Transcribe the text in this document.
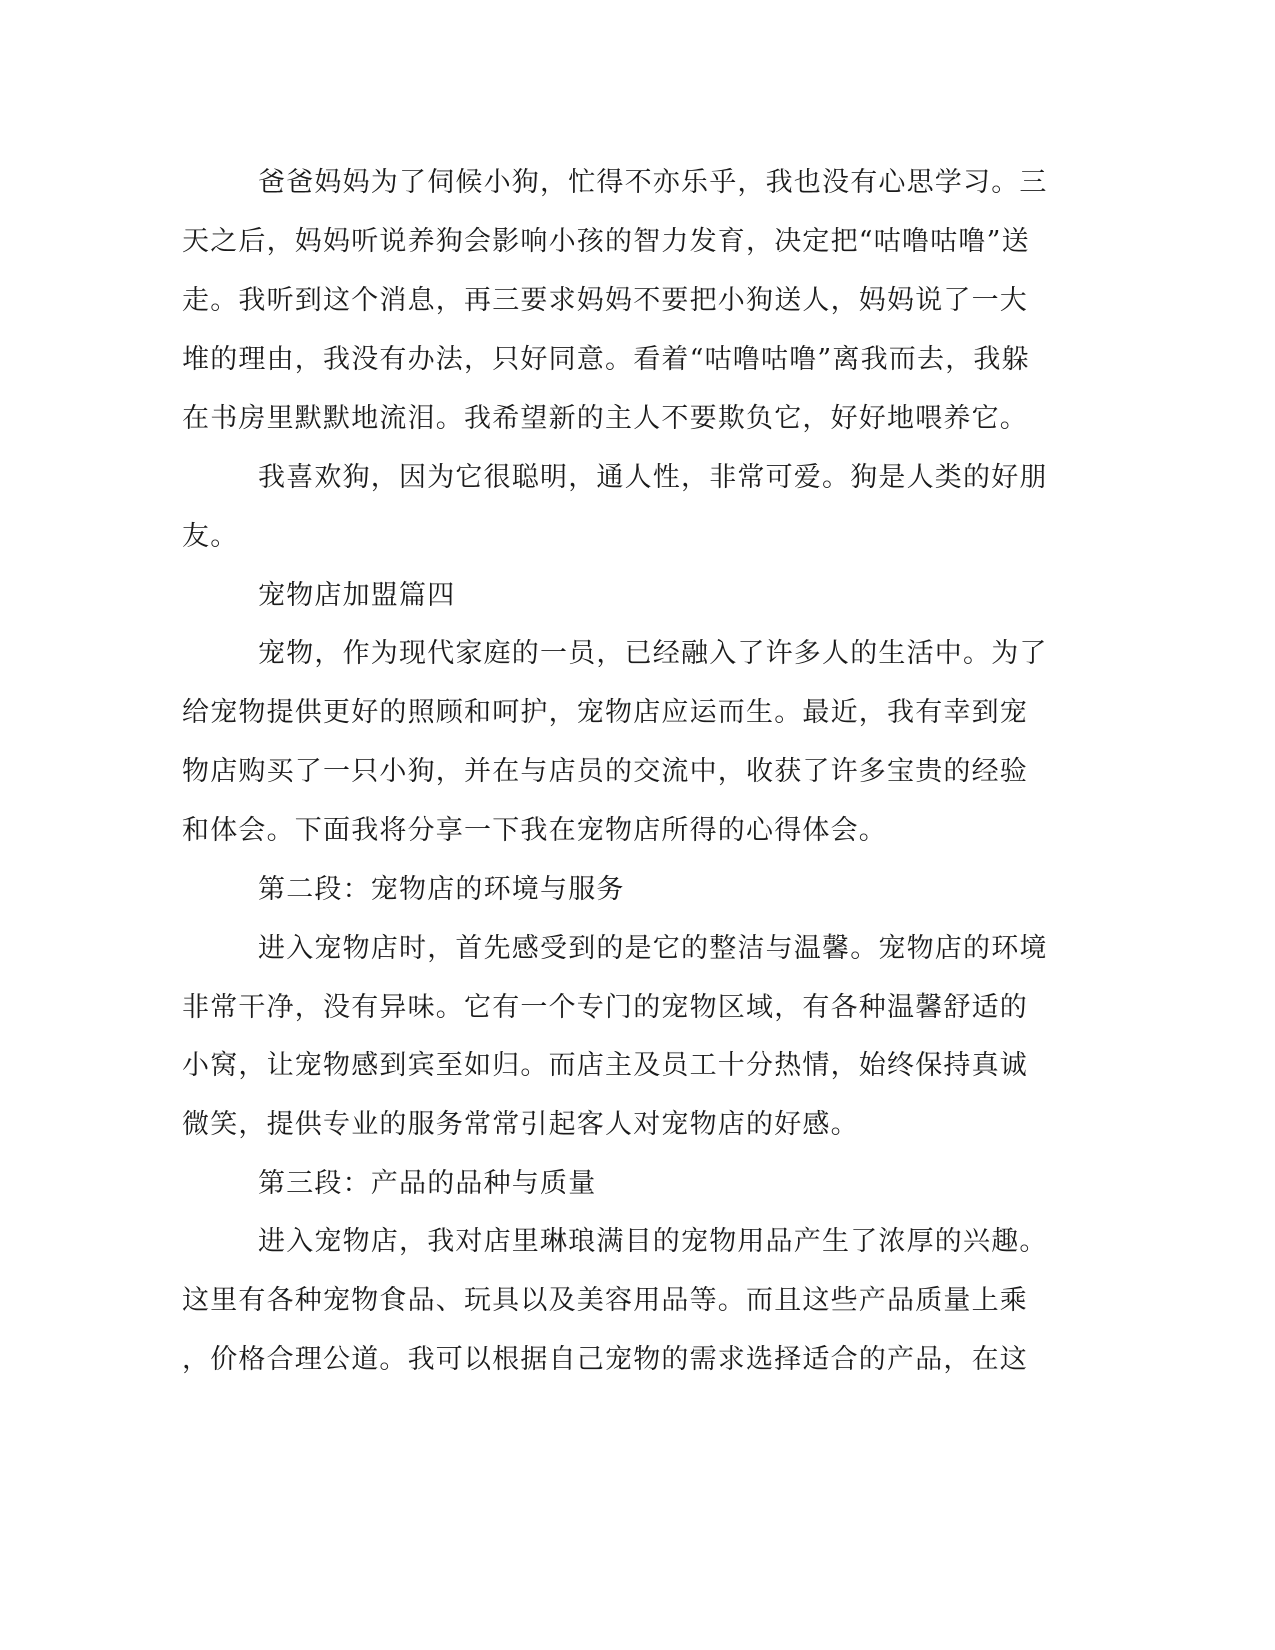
爸爸妈妈为了伺候小狗，忙得不亦乐乎，我也没有心思学习。三
天之后，妈妈听说养狗会影响小孩的智力发育，决定把“咕噜咕噜”送
走。我听到这个消息，再三要求妈妈不要把小狗送人，妈妈说了一大
堆的理由，我没有办法，只好同意。看着“咕噜咕噜”离我而去，我躲
在书房里默默地流泪。我希望新的主人不要欺负它，好好地喂养它。
我喜欢狗，因为它很聪明，通人性，非常可爱。狗是人类的好朋
友。
宠物店加盟篇四
宠物，作为现代家庭的一员，已经融入了许多人的生活中。为了
给宠物提供更好的照顾和呵护，宠物店应运而生。最近，我有幸到宠
物店购买了一只小狗，并在与店员的交流中，收获了许多宝贵的经验
和体会。下面我将分享一下我在宠物店所得的心得体会。
第二段：宠物店的环境与服务
进入宠物店时，首先感受到的是它的整洁与温馨。宠物店的环境
非常干净，没有异味。它有一个专门的宠物区域，有各种温馨舒适的
小窝，让宠物感到宾至如归。而店主及员工十分热情，始终保持真诚
微笑，提供专业的服务常常引起客人对宠物店的好感。
第三段：产品的品种与质量
进入宠物店，我对店里琳琅满目的宠物用品产生了浓厚的兴趣。
这里有各种宠物食品、玩具以及美容用品等。而且这些产品质量上乘
，价格合理公道。我可以根据自己宠物的需求选择适合的产品，在这
